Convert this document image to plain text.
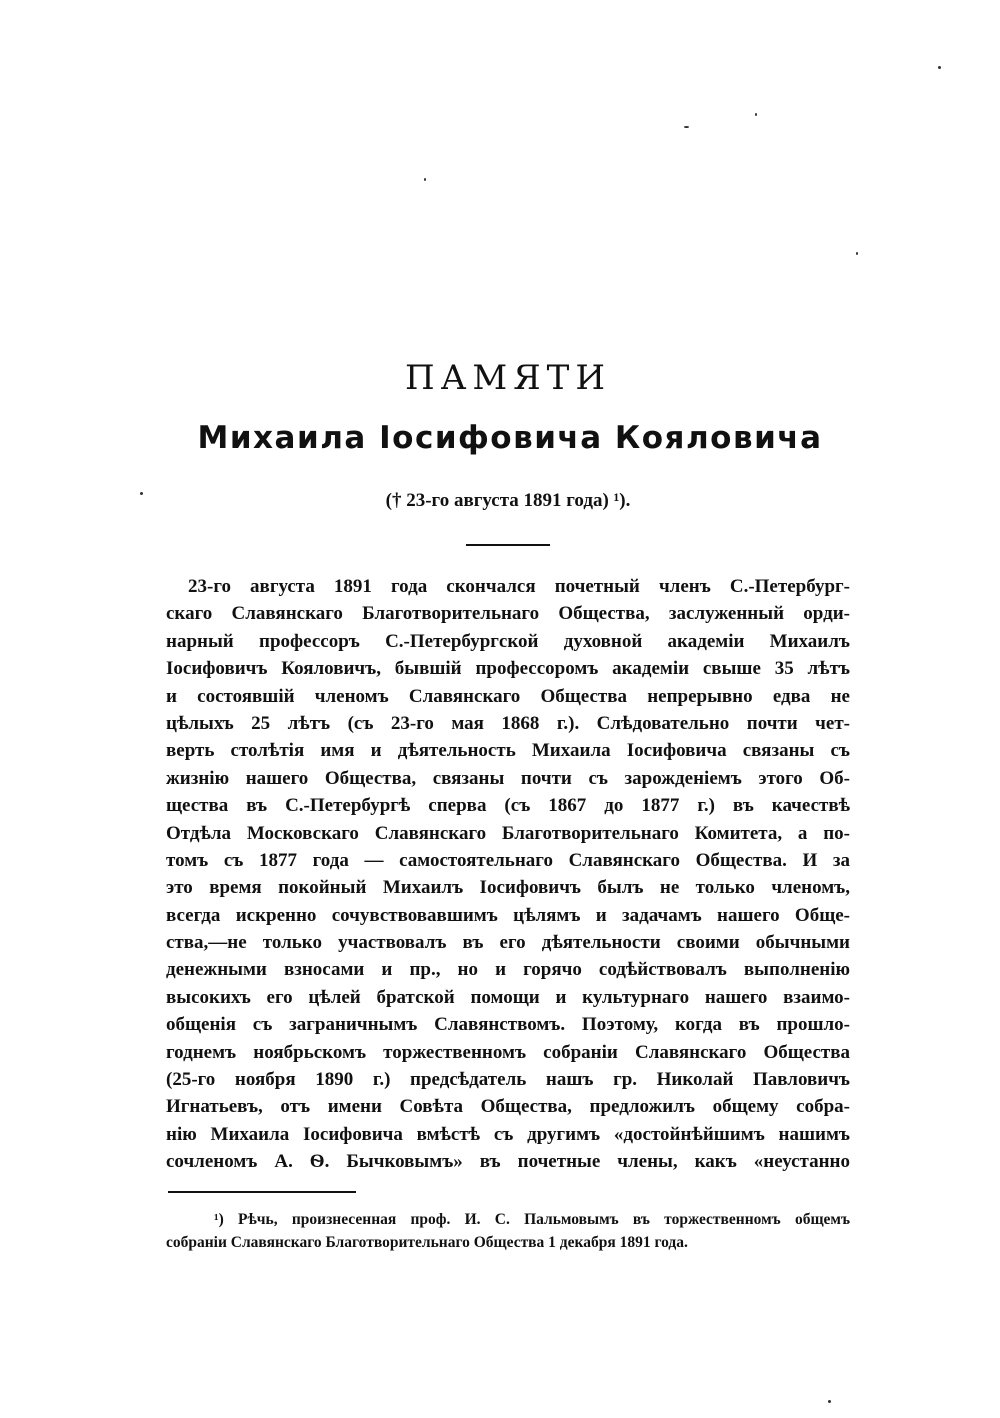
ПАМЯТИ
Михаила Іосифовича Кояловича
(† 23-го августа 1891 года) ¹).
23-го августа 1891 года скончался почетный членъ С.-Петербург-
скаго Славянскаго Благотворительнаго Общества, заслуженный орди-
нарный профессоръ С.-Петербургской духовной академіи Михаилъ
Іосифовичъ Кояловичъ, бывшій профессоромъ академіи свыше 35 лѣтъ
и состоявшій членомъ Славянскаго Общества непрерывно едва не
цѣлыхъ 25 лѣтъ (съ 23-го мая 1868 г.). Слѣдовательно почти чет-
верть столѣтія имя и дѣятельность Михаила Іосифовича связаны съ
жизнію нашего Общества, связаны почти съ зарожденіемъ этого Об-
щества въ С.-Петербургѣ сперва (съ 1867 до 1877 г.) въ качествѣ
Отдѣла Московскаго Славянскаго Благотворительнаго Комитета, а по-
томъ съ 1877 года — самостоятельнаго Славянскаго Общества. И за
это время покойный Михаилъ Іосифовичъ былъ не только членомъ,
всегда искренно сочувствовавшимъ цѣлямъ и задачамъ нашего Обще-
ства,—не только участвовалъ въ его дѣятельности своими обычными
денежными взносами и пр., но и горячо содѣйствовалъ выполненію
высокихъ его цѣлей братской помощи и культурнаго нашего взаимо-
общенія съ заграничнымъ Славянствомъ. Поэтому, когда въ прошло-
годнемъ ноябрьскомъ торжественномъ собраніи Славянскаго Общества
(25-го ноября 1890 г.) предсѣдатель нашъ гр. Николай Павловичъ
Игнатьевъ, отъ имени Совѣта Общества, предложилъ общему собра-
нію Михаила Іосифовича вмѣстѣ съ другимъ «достойнѣйшимъ нашимъ
сочленомъ А. Ѳ. Бычковымъ» въ почетные члены, какъ «неустанно
¹) Рѣчь, произнесенная проф. И. С. Пальмовымъ въ торжественномъ общемъ
собраніи Славянскаго Благотворительнаго Общества 1 декабря 1891 года.
